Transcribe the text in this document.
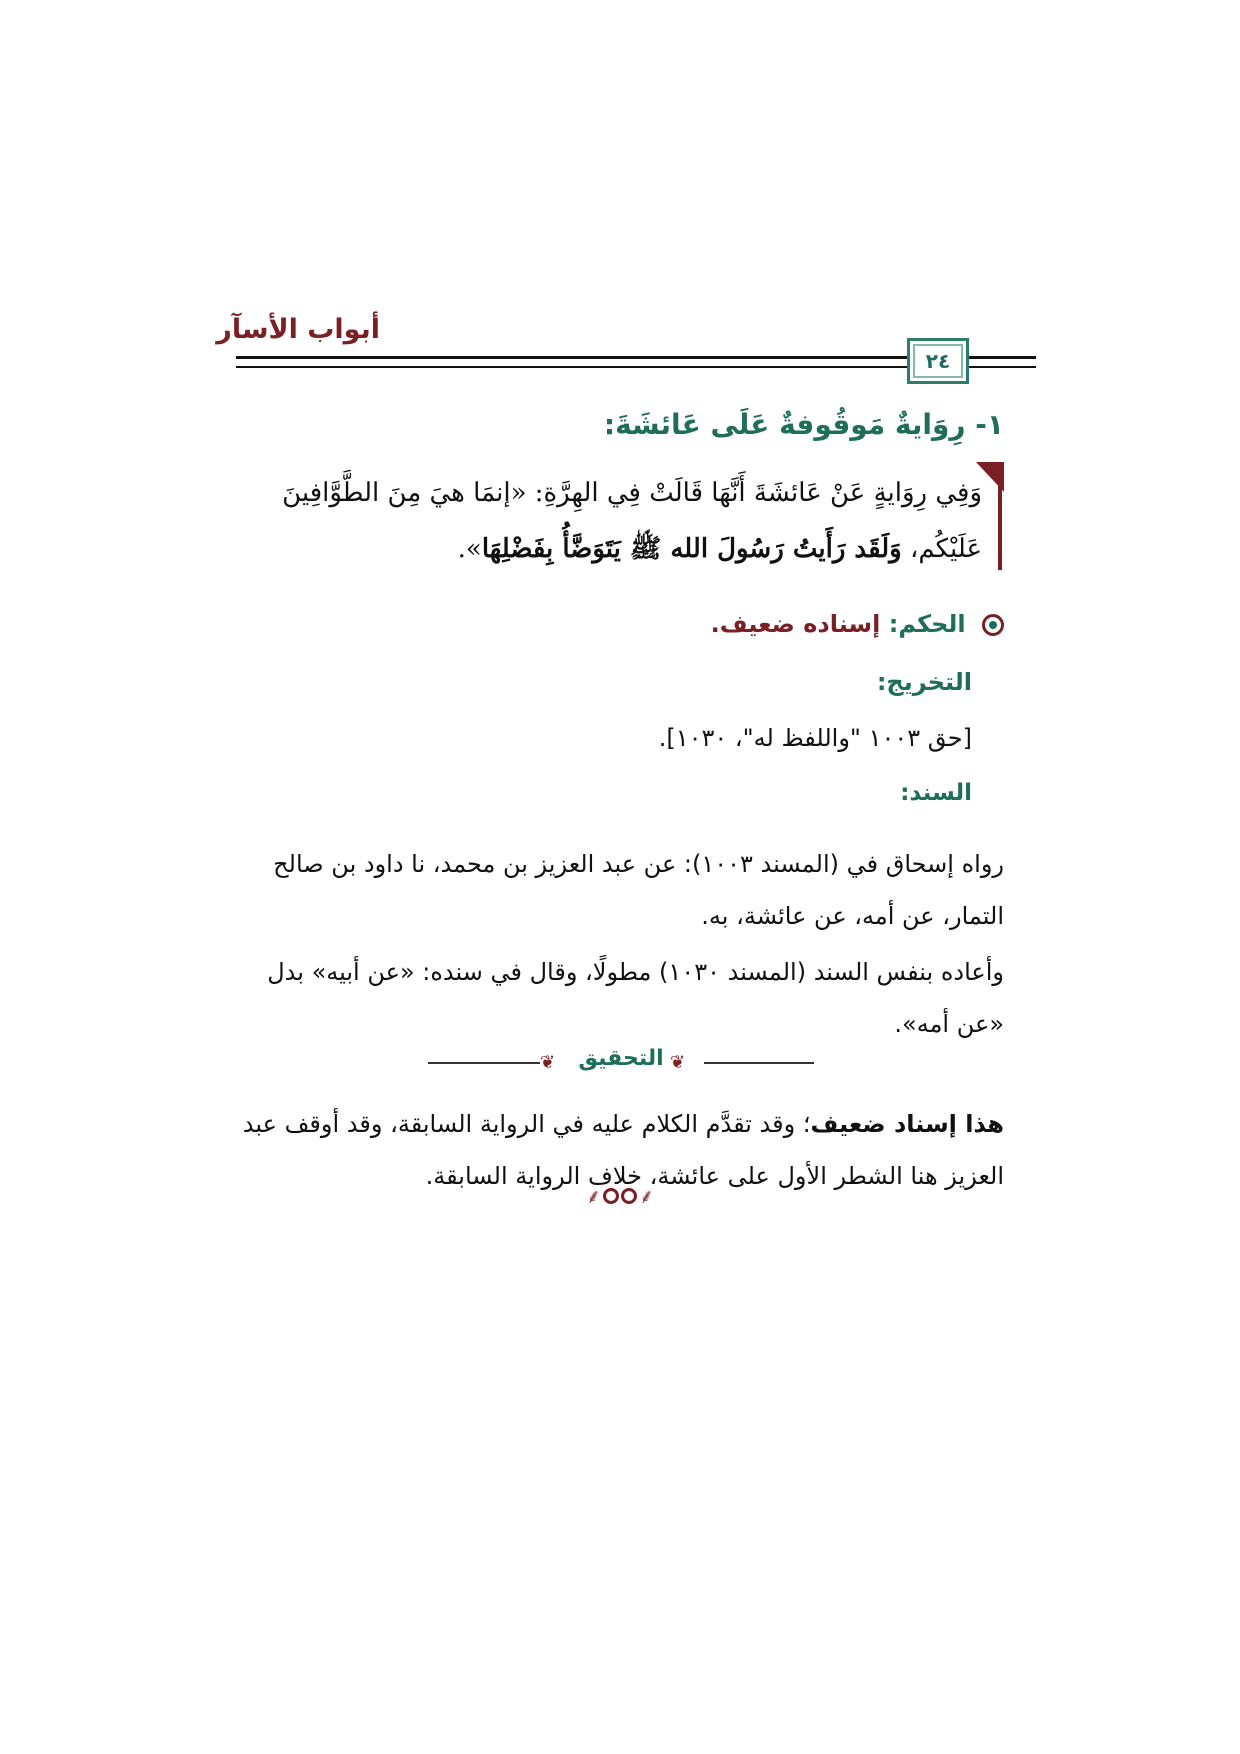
أبواب الأسآر
٢٤
١- رِوَايةٌ مَوقُوفةٌ عَلَى عَائشَةَ:
وَفِي رِوَايةٍ عَنْ عَائشَةَ أَنَّهَا قَالَتْ فِي الهِرَّةِ: «إنمَا هيَ مِنَ الطَّوَّافِينَ
عَلَيْكُم، وَلَقَد رَأَيتُ رَسُولَ الله ﷺ يَتَوَضَّأُ بِفَضْلِهَا».
الحكم: إسناده ضعيف.
التخريج:
[حق ١٠٠٣ "واللفظ له"، ١٠٣٠].
السند:
رواه إسحاق في (المسند ١٠٠٣): عن عبد العزيز بن محمد، نا داود بن صالح التمار، عن أمه، عن عائشة، به.
وأعاده بنفس السند (المسند ١٠٣٠) مطولًا، وقال في سنده: «عن أبيه» بدل «عن أمه».
❦	❦
التحقيق
هذا إسناد ضعيف؛ وقد تقدَّم الكلام عليه في الرواية السابقة، وقد أوقف عبد العزيز هنا الشطر الأول على عائشة، خلاف الرواية السابقة.
⸙ ⸙
